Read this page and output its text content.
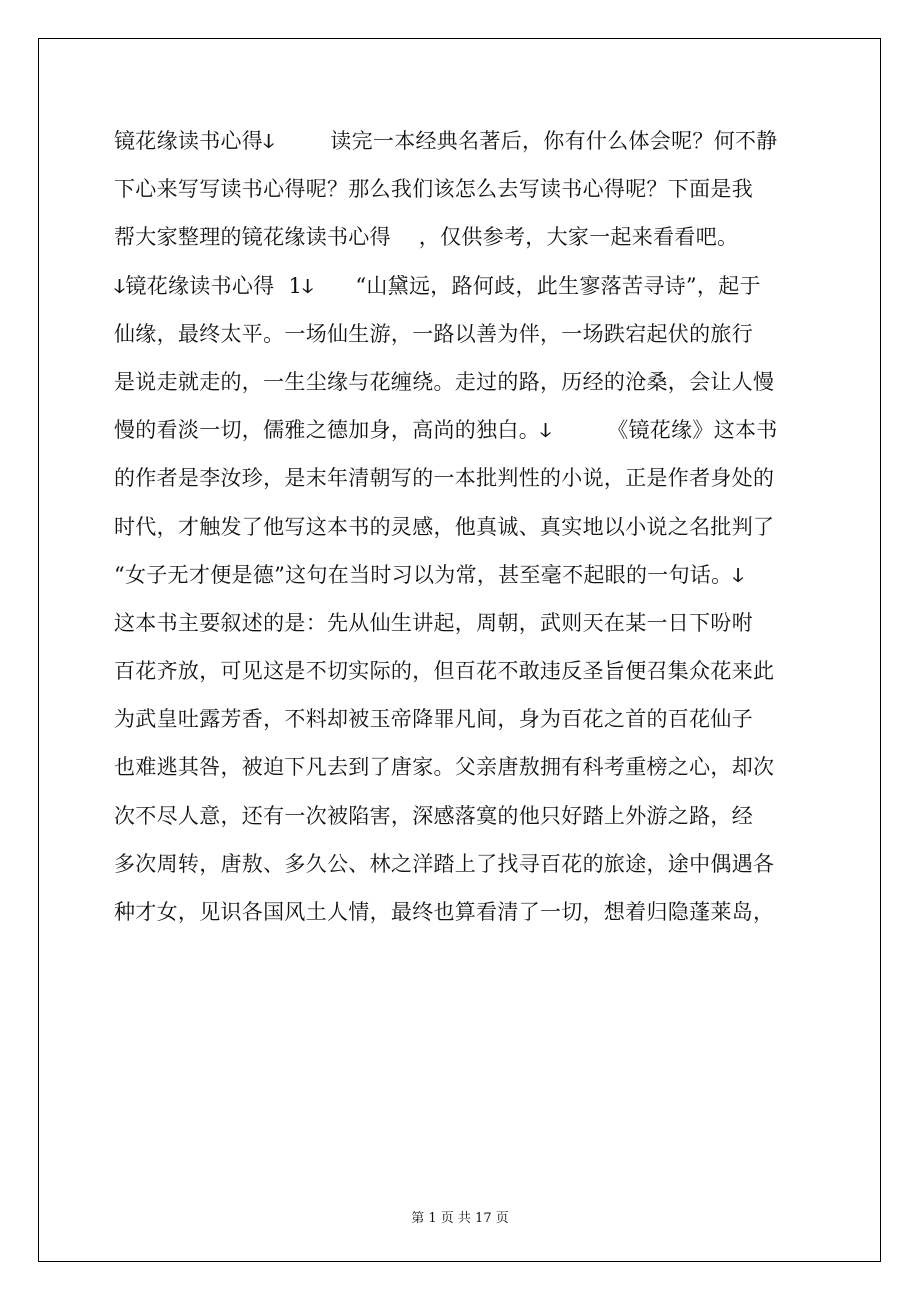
镜花缘读书心得ↆ        读完一本经典名著后，你有什么体会呢？何不静
下心来写写读书心得呢？那么我们该怎么去写读书心得呢？下面是我
帮大家整理的镜花缘读书心得    ，仅供参考，大家一起来看看吧。
ↆ镜花缘读书心得  1ↆ      “山黛远，路何歧，此生寥落苦寻诗”，起于
仙缘，最终太平。一场仙生游，一路以善为伴，一场跌宕起伏的旅行
是说走就走的，一生尘缘与花缠绕。走过的路，历经的沧桑，会让人慢
慢的看淡一切，儒雅之德加身，高尚的独白。ↆ        《镜花缘》这本书
的作者是李汝珍，是末年清朝写的一本批判性的小说，正是作者身处的
时代，才触发了他写这本书的灵感，他真诚、真实地以小说之名批判了
“女子无才便是德”这句在当时习以为常，甚至毫不起眼的一句话。ↆ
这本书主要叙述的是：先从仙生讲起，周朝，武则天在某一日下吩咐
百花齐放，可见这是不切实际的，但百花不敢违反圣旨便召集众花来此
为武皇吐露芳香，不料却被玉帝降罪凡间，身为百花之首的百花仙子
也难逃其咎，被迫下凡去到了唐家。父亲唐敖拥有科考重榜之心，却次
次不尽人意，还有一次被陷害，深感落寞的他只好踏上外游之路，经
多次周转，唐敖、多久公、林之洋踏上了找寻百花的旅途，途中偶遇各
种才女，见识各国风土人情，最终也算看清了一切，想着归隐蓬莱岛，
第 1 页 共 17 页
